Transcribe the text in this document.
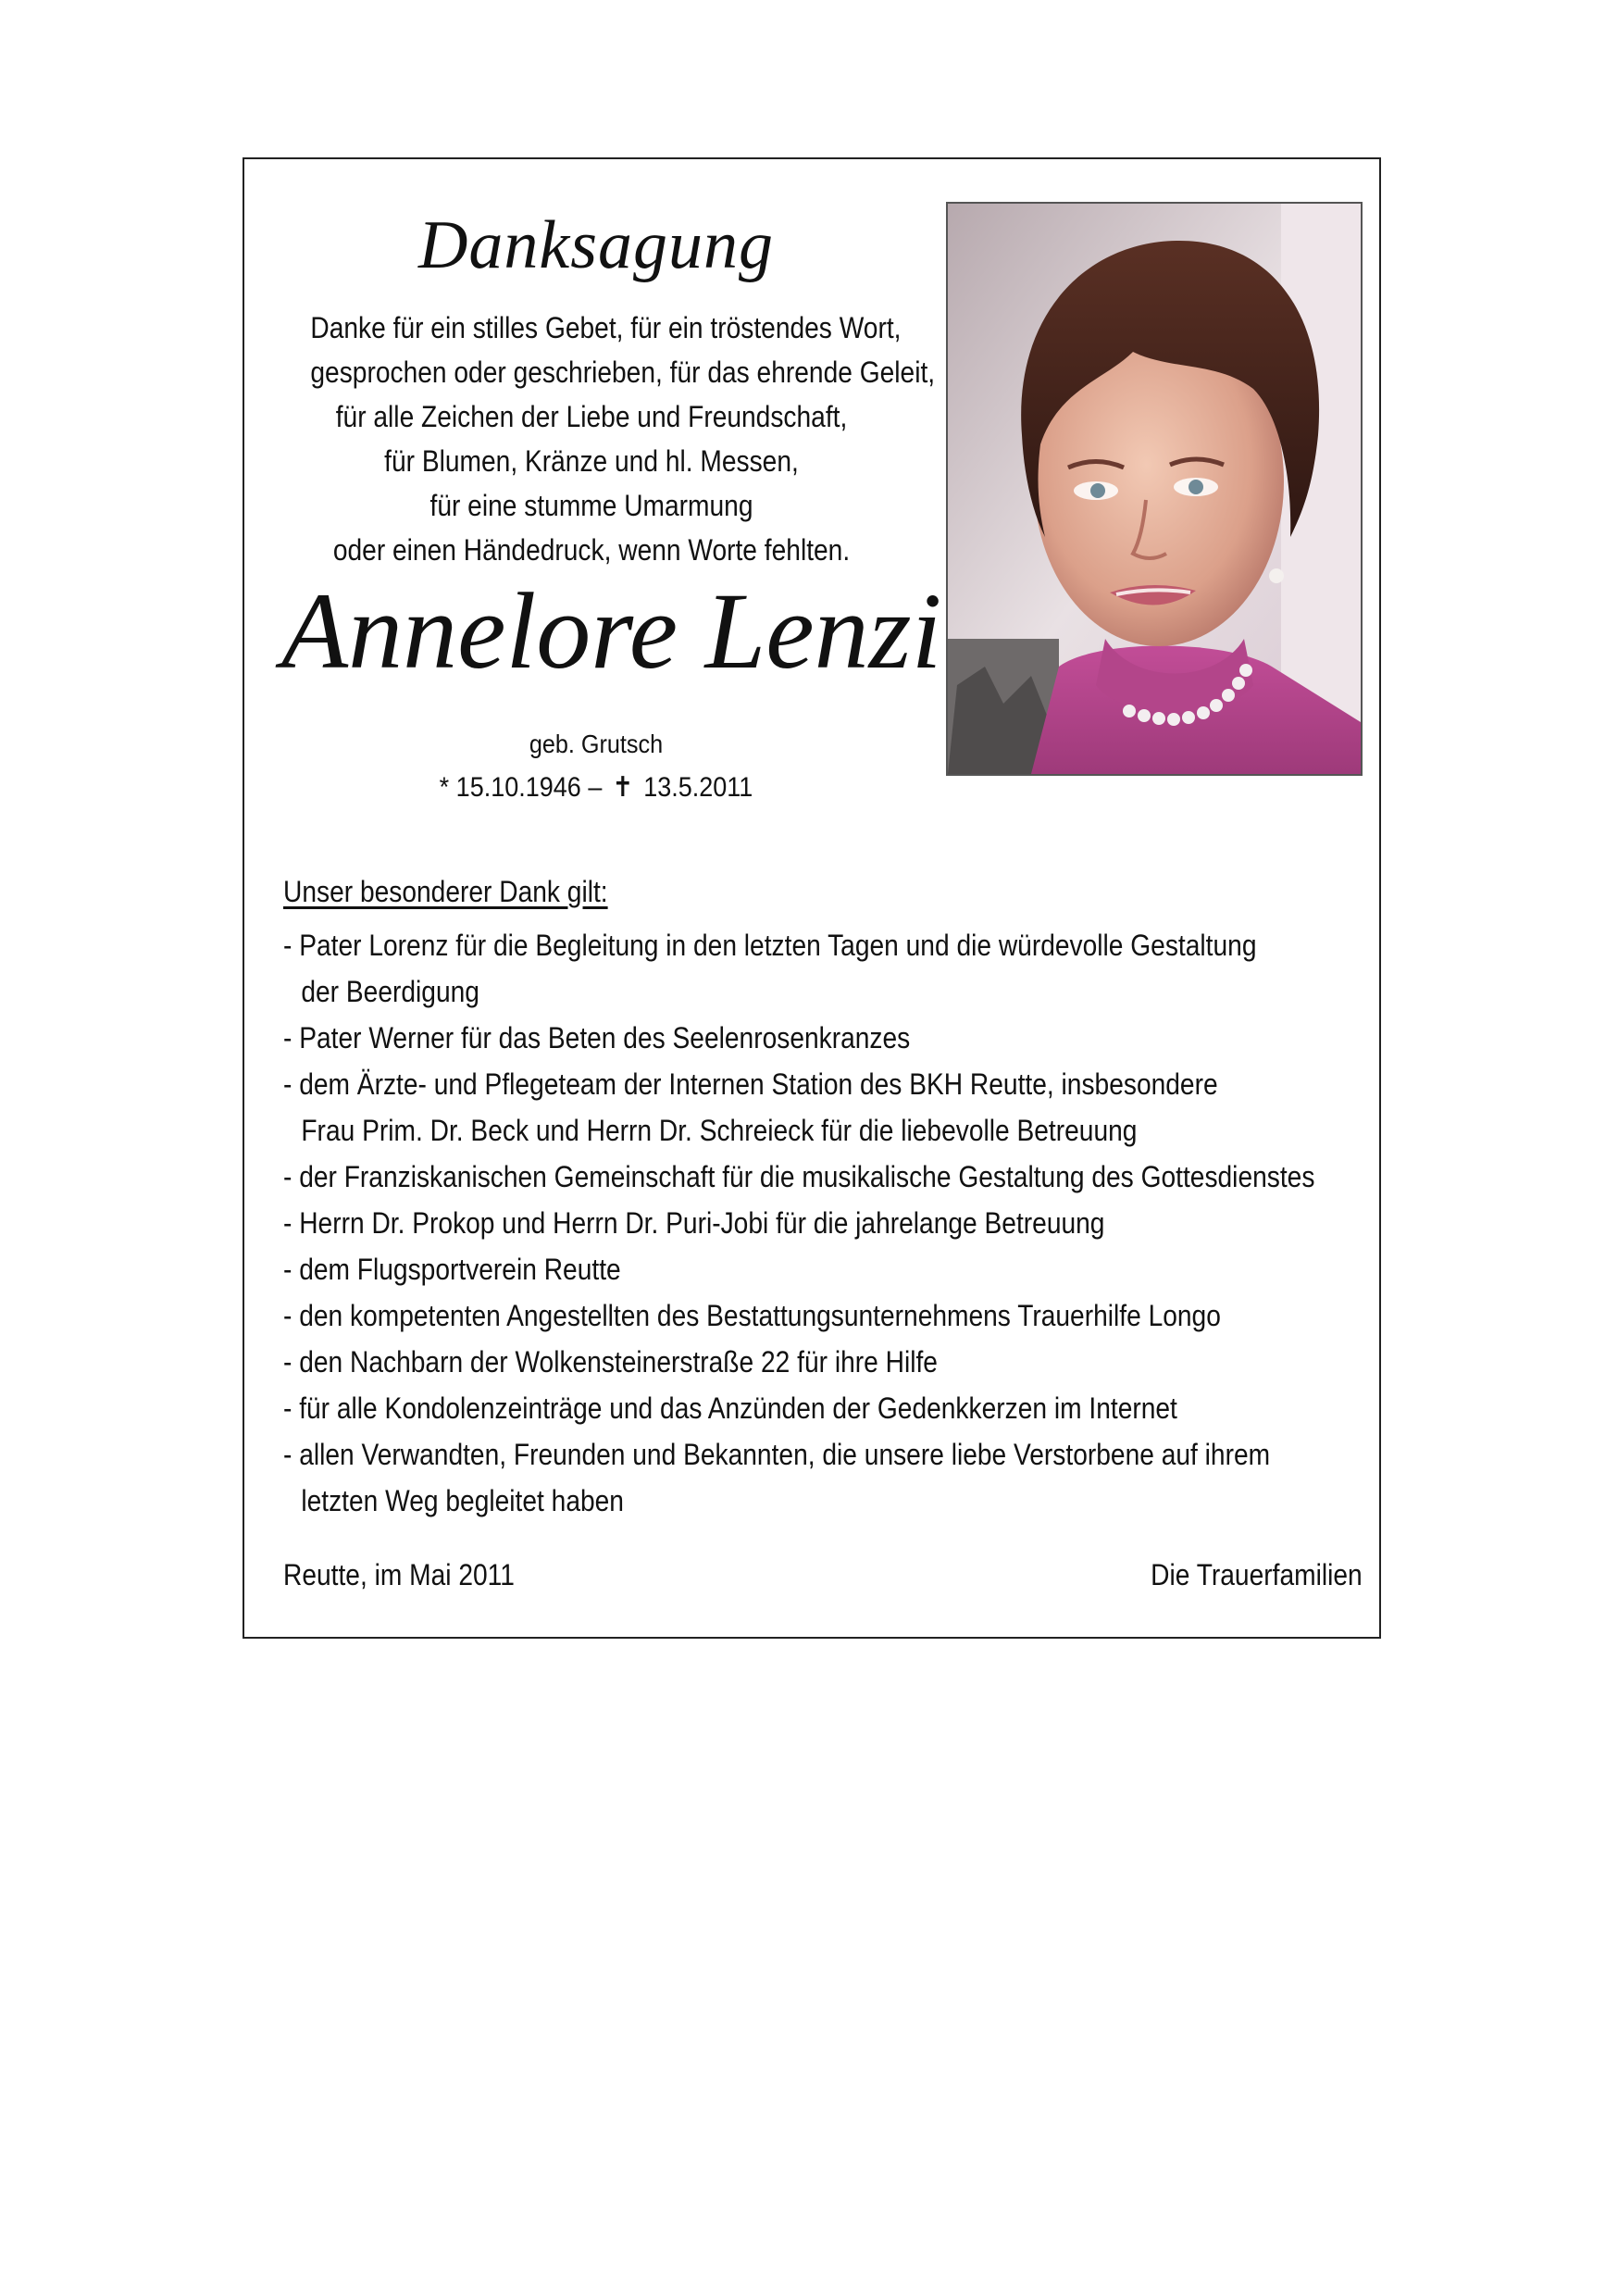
Danksagung
Danke für ein stilles Gebet, für ein tröstendes Wort,
gesprochen oder geschrieben, für das ehrende Geleit,
für alle Zeichen der Liebe und Freundschaft,
für Blumen, Kränze und hl. Messen,
für eine stumme Umarmung
oder einen Händedruck, wenn Worte fehlten.
Annelore Lenzi
geb. Grutsch
* 15.10.1946 – ✝ 13.5.2011
Unser besonderer Dank gilt:
- Pater Lorenz für die Begleitung in den letzten Tagen und die würdevolle Gestaltung
der Beerdigung
- Pater Werner für das Beten des Seelenrosenkranzes
- dem Ärzte- und Pflegeteam der Internen Station des BKH Reutte, insbesondere
Frau Prim. Dr. Beck und Herrn Dr. Schreieck für die liebevolle Betreuung
- der Franziskanischen Gemeinschaft für die musikalische Gestaltung des Gottesdienstes
- Herrn Dr. Prokop und Herrn Dr. Puri-Jobi für die jahrelange Betreuung
- dem Flugsportverein Reutte
- den kompetenten Angestellten des Bestattungsunternehmens Trauerhilfe Longo
- den Nachbarn der Wolkensteinerstraße 22 für ihre Hilfe
- für alle Kondolenzeinträge und das Anzünden der Gedenkkerzen im Internet
- allen Verwandten, Freunden und Bekannten, die unsere liebe Verstorbene auf ihrem
letzten Weg begleitet haben
Reutte, im Mai 2011	Die Trauerfamilien
